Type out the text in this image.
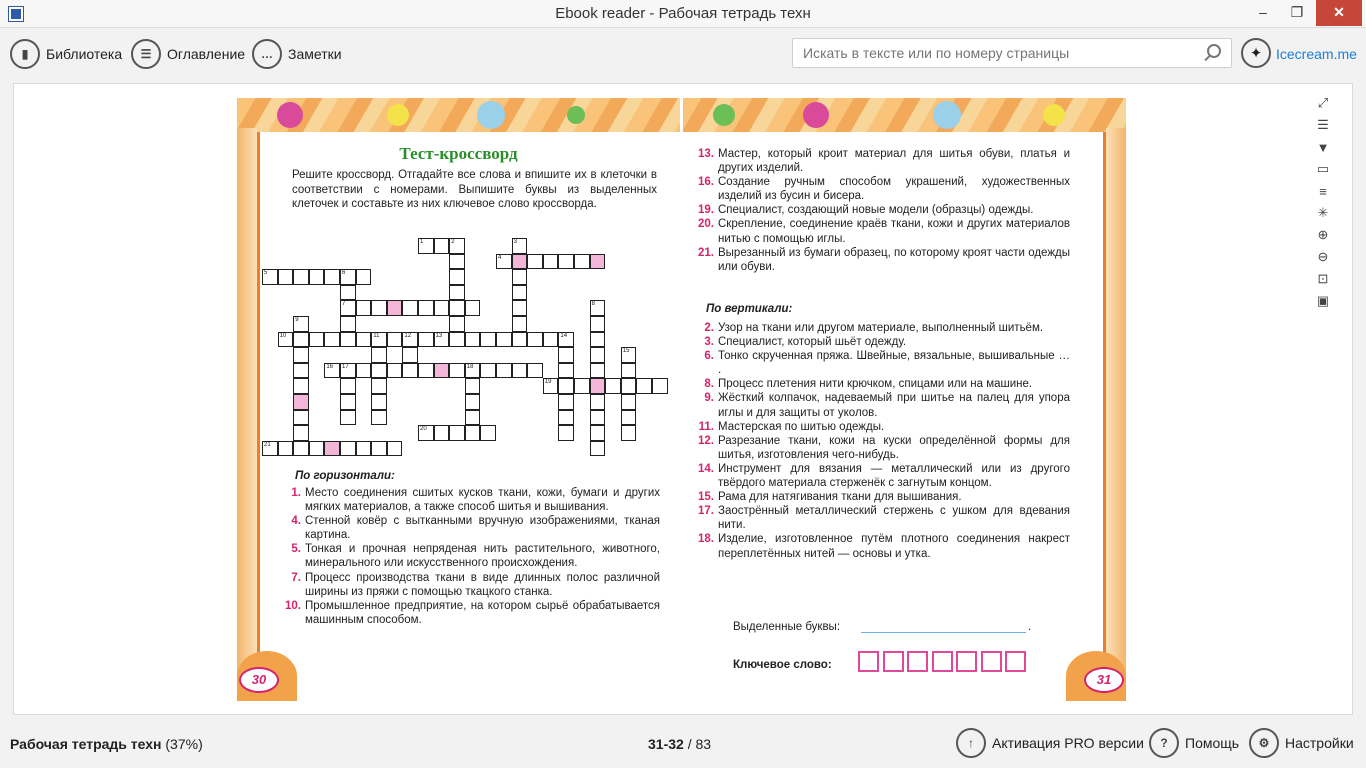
Ebook reader - Рабочая тетрадь техн	–	❐	✕
▮	Библиотека	☰	Оглавление	…	Заметки
Искать в тексте или по номеру страницы	✦ Icecream.me
Тест-кроссворд
Решите кроссворд. Отгадайте все слова и впишите их в клеточки в соответствии с номерами. Выпишите буквы из выделенных клеточек и составьте из них ключевое слово кроссворда.
1	2	3
5	6
7	8
9
10	11	12	13	14
16 17	18
15
19
20
21
4
По горизонтали:
1. Место соединения сшитых кусков ткани, кожи, бумаги и других мягких материалов, а также способ шитья и вышивания.
4. Стенной ковёр с вытканными вручную изображениями, тканая картина.
5. Тонкая и прочная непряденая нить растительного, животного, минерального или искусственного происхождения.
7. Процесс производства ткани в виде длинных полос различной ширины из пряжи с помощью ткацкого станка.
10. Промышленное предприятие, на котором сырьё обрабатывается машинным способом.
30
13. Мастер, который кроит материал для шитья обуви, платья и других изделий.
16. Создание ручным способом украшений, художественных изделий из бусин и бисера.
19. Специалист, создающий новые модели (образцы) одежды.
20. Скрепление, соединение краёв ткани, кожи и других материалов нитью с помощью иглы.
21. Вырезанный из бумаги образец, по которому кроят части одежды или обуви.
По вертикали:
2. Узор на ткани или другом материале, выполненный шитьём.
3. Специалист, который шьёт одежду.
6. Тонко скрученная пряжа. Швейные, вязальные, вышивальные … .
8. Процесс плетения нити крючком, спицами или на машине.
9. Жёсткий колпачок, надеваемый при шитье на палец для упора иглы и для защиты от уколов.
11. Мастерская по шитью одежды.
12. Разрезание ткани, кожи на куски определённой формы для шитья, изготовления чего-нибудь.
14. Инструмент для вязания — металлический или из другого твёрдого материала стерженёк с загнутым концом.
15. Рама для натягивания ткани для вышивания.
17. Заострённый металлический стержень с ушком для вдевания нити.
18. Изделие, изготовленное путём плотного соединения накрест переплетённых нитей — основы и утка.
Выделенные буквы:	.
Ключевое слово:
31
⤢
☰
▼
▭
≡
✳
⊕
⊖
⊡
▣
Рабочая тетрадь техн (37%)	31-32 / 83	↑	Активация PRO версии	?	Помощь	⚙	Настройки
